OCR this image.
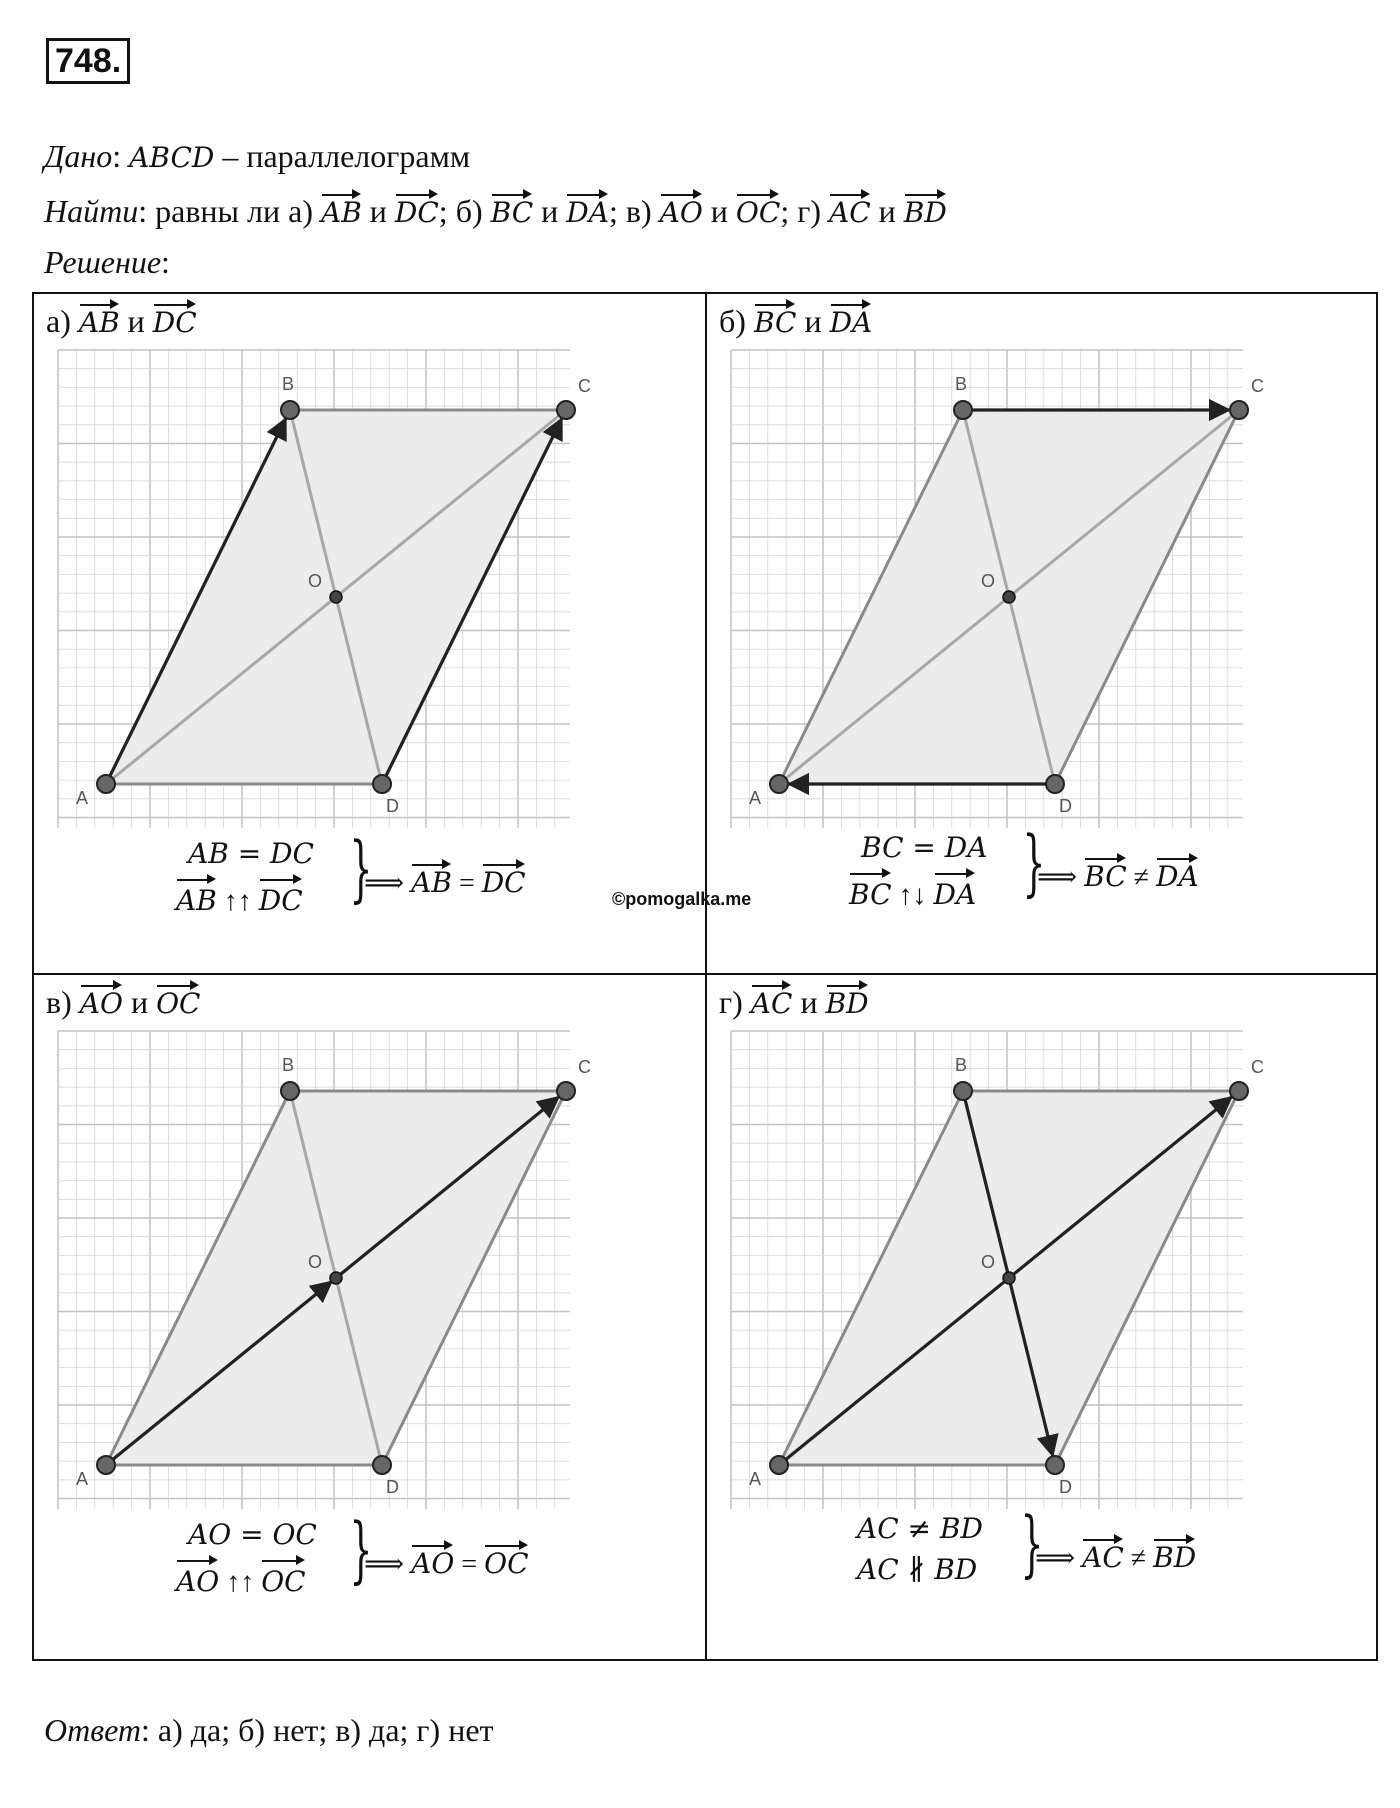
748.
Дано: ABCD – параллелограмм
Найти: равны ли а) AB и DC; б) BC и DA; в) AO и OC; г) AC и BD
Решение:
а) AB и DC
A
B	C
D
O
AB = DC
AB ↑↑ DC }
⟹ AB = DC
б) BC и DA
A
B	C
D
O
BC = DA
BC ↑↓ DA }
⟹ BC ≠ DA
в) AO и OC
A
B	C
D
O
AO = OC
AO ↑↑ OC }
⟹ AO = OC
г) AC и BD
A
B	C
D
O
AC ≠ BD
AC ∦ BD }
⟹ AC ≠ BD
©pomogalka.me
Ответ: а) да; б) нет; в) да; г) нет
